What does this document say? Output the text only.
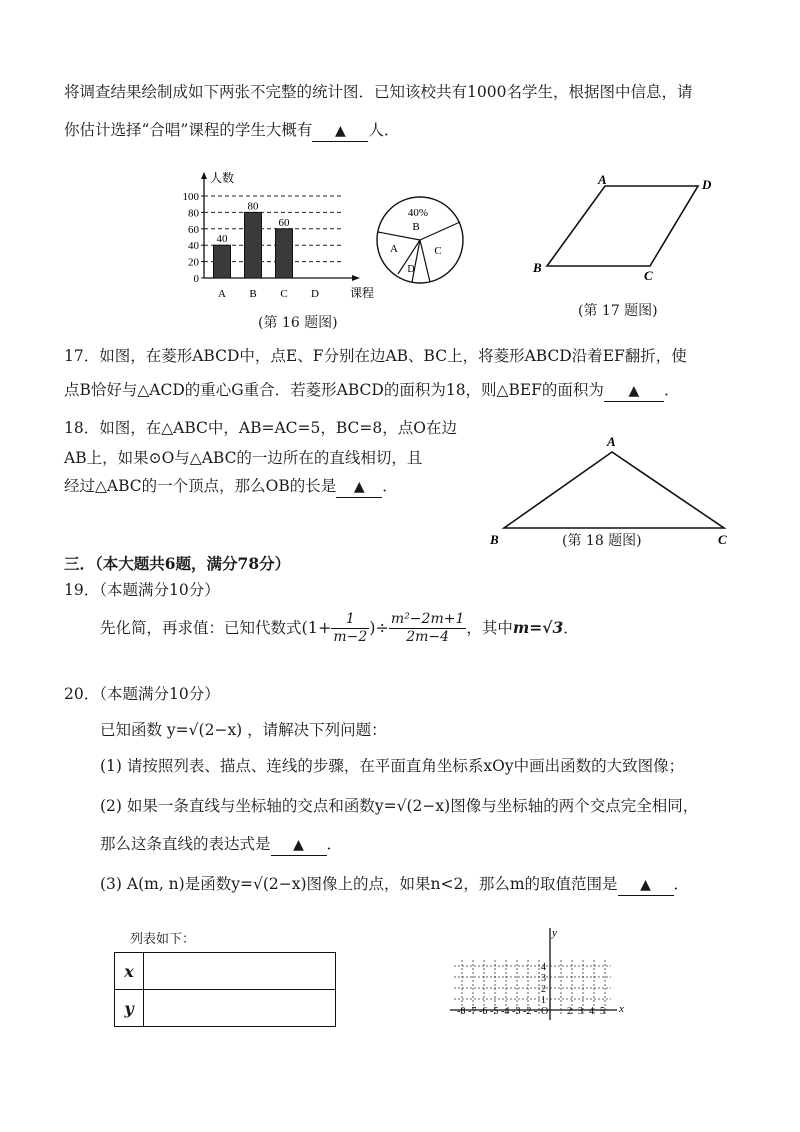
将调查结果绘制成如下两张不完整的统计图．已知该校共有1000名学生，根据图中信息，请
你估计选择“合唱”课程的学生大概有 ▲ 人．
0
20
40
60
80
100
人数
课程
40
A
80
B
60
C D
40%
B
A	C
D
(第 16 题图)
A	D
B
C
(第 17 题图)
17．如图，在菱形ABCD中，点E、F分别在边AB、BC上，将菱形ABCD沿着EF翻折，使
点B恰好与△ACD的重心G重合．若菱形ABCD的面积为18，则△BEF的面积为 ▲ ．
18．如图，在△ABC中，AB=AC=5，BC=8，点O在边
AB上，如果⊙O与△ABC的一边所在的直线相切，且
经过△ABC的一个顶点，那么OB的长是 ▲ ．
A
B	C
(第 18 题图)
三．（本大题共6题，满分78分）
19．（本题满分10分）
先化简，再求值：已知代数式 ($1+ \frac{1}{m-2}$ )÷ $\frac{\text{m²−2m+1}}{2m-4}$ ，其中 m=√3 ．
20．（本题满分10分）
已知函数 y=√(2−x) ，请解决下列问题：
(1) 请按照列表、描点、连线的步骤，在平面直角坐标系xOy中画出函数的大致图像；
(2) 如果一条直线与坐标轴的交点和函数y=√(2−x)图像与坐标轴的两个交点完全相同，
那么这条直线的表达式是 ▲ ．
(3) A(m, n)是函数y=√(2−x)图像上的点，如果n<2，那么m的取值范围是 ▲ ．
列表如下：
x	
y		x
y
-8 -7 -6 -5 -4 -3 -2 - O 2 3 4 5
4
3
2
1
